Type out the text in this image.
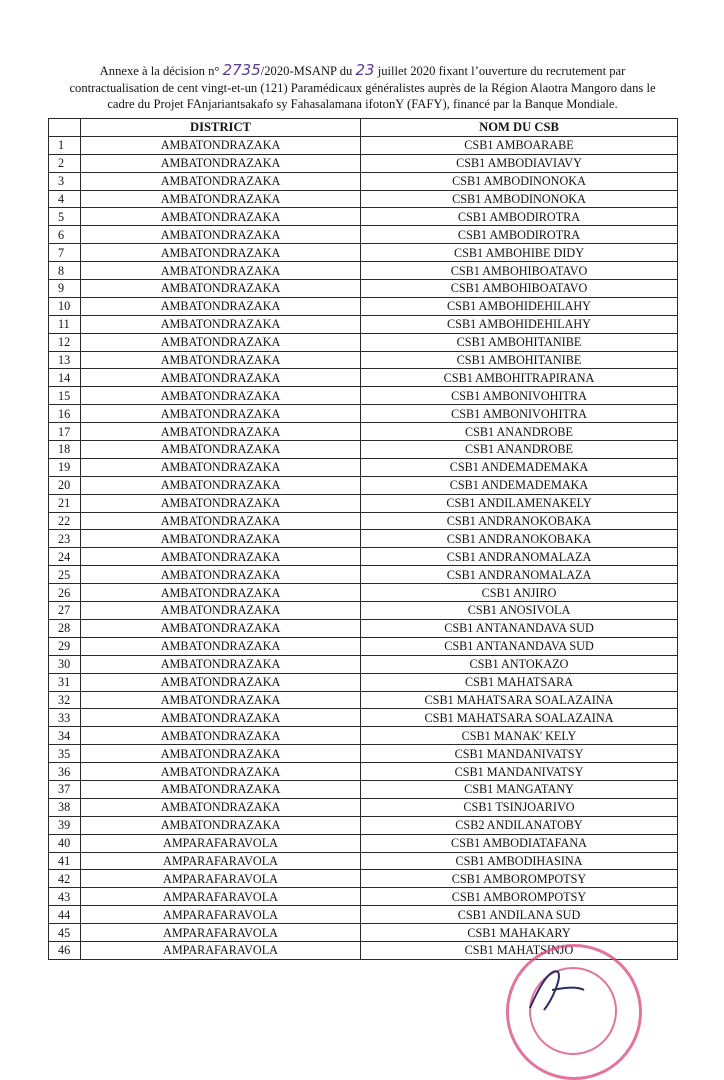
Annexe à la décision n° 2735/2020-MSANP du 23 juillet 2020 fixant l’ouverture du recrutement par
contractualisation de cent vingt-et-un (121) Paramédicaux généralistes auprès de la Région Alaotra Mangoro dans le
cadre du Projet FAnjariantsakafo sy Fahasalamana ifotonY (FAFY), financé par la Banque Mondiale.
	DISTRICT	NOM DU CSB
1	AMBATONDRAZAKA	CSB1 AMBOARABE
2	AMBATONDRAZAKA	CSB1 AMBODIAVIAVY
3	AMBATONDRAZAKA	CSB1 AMBODINONOKA
4	AMBATONDRAZAKA	CSB1 AMBODINONOKA
5	AMBATONDRAZAKA	CSB1 AMBODIROTRA
6	AMBATONDRAZAKA	CSB1 AMBODIROTRA
7	AMBATONDRAZAKA	CSB1 AMBOHIBE DIDY
8	AMBATONDRAZAKA	CSB1 AMBOHIBOATAVO
9	AMBATONDRAZAKA	CSB1 AMBOHIBOATAVO
10	AMBATONDRAZAKA	CSB1 AMBOHIDEHILAHY
11	AMBATONDRAZAKA	CSB1 AMBOHIDEHILAHY
12	AMBATONDRAZAKA	CSB1 AMBOHITANIBE
13	AMBATONDRAZAKA	CSB1 AMBOHITANIBE
14	AMBATONDRAZAKA	CSB1 AMBOHITRAPIRANA
15	AMBATONDRAZAKA	CSB1 AMBONIVOHITRA
16	AMBATONDRAZAKA	CSB1 AMBONIVOHITRA
17	AMBATONDRAZAKA	CSB1 ANANDROBE
18	AMBATONDRAZAKA	CSB1 ANANDROBE
19	AMBATONDRAZAKA	CSB1 ANDEMADEMAKA
20	AMBATONDRAZAKA	CSB1 ANDEMADEMAKA
21	AMBATONDRAZAKA	CSB1 ANDILAMENAKELY
22	AMBATONDRAZAKA	CSB1 ANDRANOKOBAKA
23	AMBATONDRAZAKA	CSB1 ANDRANOKOBAKA
24	AMBATONDRAZAKA	CSB1 ANDRANOMALAZA
25	AMBATONDRAZAKA	CSB1 ANDRANOMALAZA
26	AMBATONDRAZAKA	CSB1 ANJIRO
27	AMBATONDRAZAKA	CSB1 ANOSIVOLA
28	AMBATONDRAZAKA	CSB1 ANTANANDAVA SUD
29	AMBATONDRAZAKA	CSB1 ANTANANDAVA SUD
30	AMBATONDRAZAKA	CSB1 ANTOKAZO
31	AMBATONDRAZAKA	CSB1 MAHATSARA
32	AMBATONDRAZAKA	CSB1 MAHATSARA SOALAZAINA
33	AMBATONDRAZAKA	CSB1 MAHATSARA SOALAZAINA
34	AMBATONDRAZAKA	CSB1 MANAK' KELY
35	AMBATONDRAZAKA	CSB1 MANDANIVATSY
36	AMBATONDRAZAKA	CSB1 MANDANIVATSY
37	AMBATONDRAZAKA	CSB1 MANGATANY
38	AMBATONDRAZAKA	CSB1 TSINJOARIVO
39	AMBATONDRAZAKA	CSB2 ANDILANATOBY
40	AMPARAFARAVOLA	CSB1 AMBODIATAFANA
41	AMPARAFARAVOLA	CSB1 AMBODIHASINA
42	AMPARAFARAVOLA	CSB1 AMBOROMPOTSY
43	AMPARAFARAVOLA	CSB1 AMBOROMPOTSY
44	AMPARAFARAVOLA	CSB1 ANDILANA SUD
45	AMPARAFARAVOLA	CSB1 MAHAKARY
46	AMPARAFARAVOLA	CSB1 MAHATSINJO
